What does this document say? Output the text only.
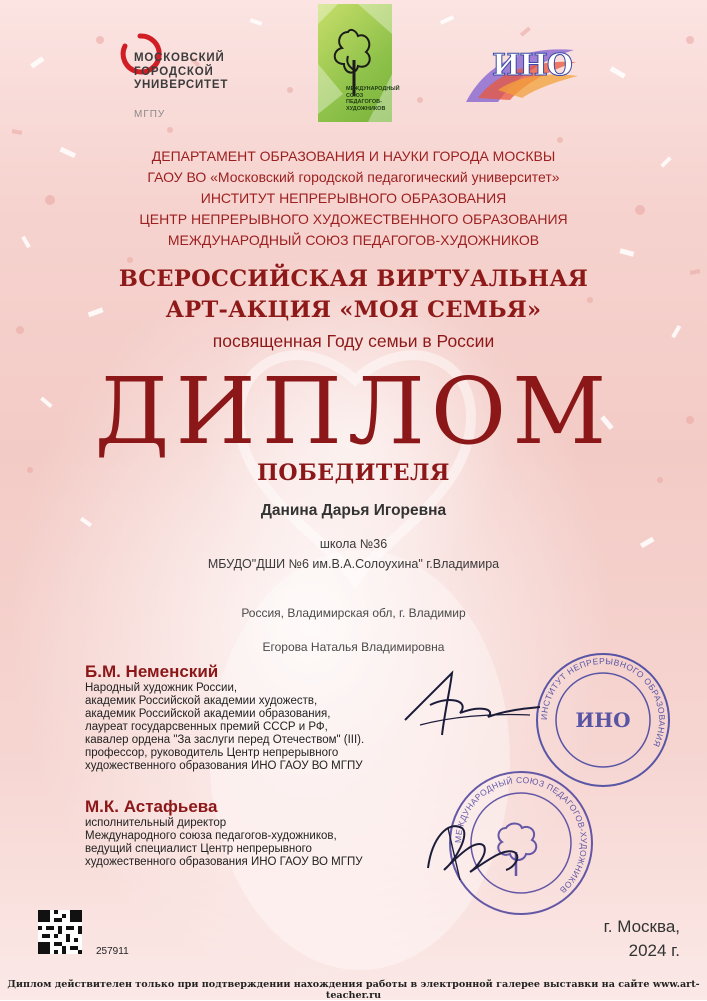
МОСКОВСКИЙ
ГОРОДСКОЙ
УНИВЕРСИТЕТ
МГПУ
МЕЖДУНАРОДНЫЙ СОЮЗ ПЕДАГОГОВ-ХУДОЖНИКОВ
ИНО
ДЕПАРТАМЕНТ ОБРАЗОВАНИЯ И НАУКИ ГОРОДА МОСКВЫ
ГАОУ ВО «Московский городской педагогический университет»
ИНСТИТУТ НЕПРЕРЫВНОГО ОБРАЗОВАНИЯ
ЦЕНТР НЕПРЕРЫВНОГО ХУДОЖЕСТВЕННОГО ОБРАЗОВАНИЯ
МЕЖДУНАРОДНЫЙ СОЮЗ ПЕДАГОГОВ-ХУДОЖНИКОВ
ВСЕРОССИЙСКАЯ ВИРТУАЛЬНАЯ
АРТ-АКЦИЯ «МОЯ СЕМЬЯ»
посвященная Году семьи в России
ДИПЛОМ
ПОБЕДИТЕЛЯ
Данина Дарья Игоревна
школа №36
МБУДО"ДШИ №6 им.В.А.Солоухина" г.Владимира
Россия, Владимирская обл, г. Владимир
Егорова Наталья Владимировна
Б.М. Неменский
Народный художник России,
академик Российской академии художеств,
академик Российской академии образования,
лауреат государсвенных премий СССР и РФ,
кавалер ордена "За заслуги перед Отечеством" (III).
профессор, руководитель Центр непрерывного
художественного образования ИНО ГАОУ ВО МГПУ
М.К. Астафьева
исполнительный директор
Международного союза педагогов-художников,
ведущий специалист Центр непрерывного
художественного образования ИНО ГАОУ ВО МГПУ
ИНСТИТУТ НЕПРЕРЫВНОГО ОБРАЗОВАНИЯ
ИНО
МЕЖДУНАРОДНЫЙ СОЮЗ ПЕДАГОГОВ-ХУДОЖНИКОВ
257911
г. Москва,
2024 г.
Диплом действителен только при подтверждении нахождения работы в электронной галерее выставки на сайте www.art-teacher.ru
